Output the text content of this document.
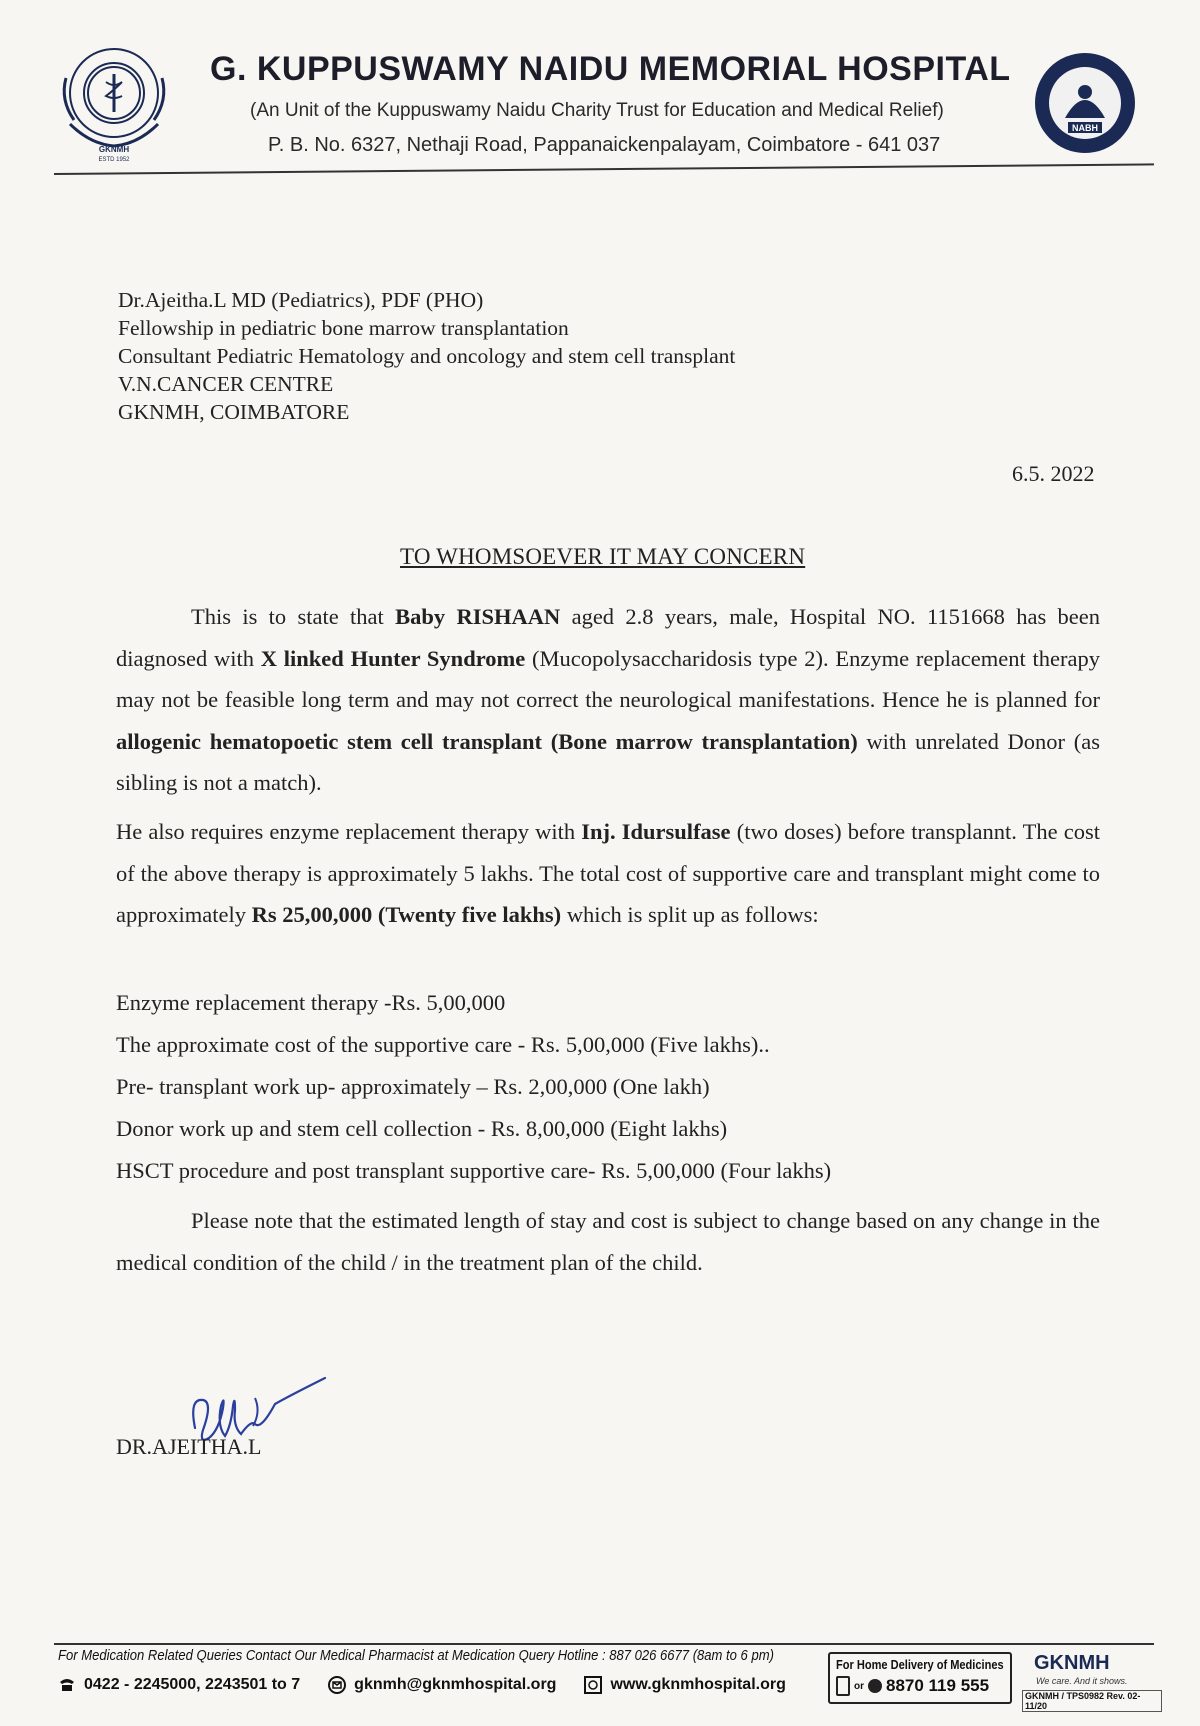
GKNMH
ESTD 1952
G. KUPPUSWAMY NAIDU MEMORIAL HOSPITAL
(An Unit of the Kuppuswamy Naidu Charity Trust for Education and Medical Relief)
P. B. No. 6327, Nethaji Road, Pappanaickenpalayam, Coimbatore - 641 037
NABH
Dr.Ajeitha.L MD (Pediatrics), PDF (PHO)
Fellowship in pediatric bone marrow transplantation
Consultant Pediatric Hematology and oncology and stem cell transplant
V.N.CANCER CENTRE
GKNMH, COIMBATORE
6.5. 2022
TO WHOMSOEVER IT MAY CONCERN
This is to state that Baby RISHAAN aged 2.8 years, male, Hospital NO. 1151668 has been diagnosed with X linked Hunter Syndrome (Mucopolysaccharidosis type 2). Enzyme replacement therapy may not be feasible long term and may not correct the neurological manifestations. Hence he is planned for allogenic hematopoetic stem cell transplant (Bone marrow transplantation) with unrelated Donor (as sibling is not a match).
He also requires enzyme replacement therapy with Inj. Idursulfase (two doses) before transplannt. The cost of the above therapy is approximately 5 lakhs. The total cost of supportive care and transplant might come to approximately Rs 25,00,000 (Twenty five lakhs) which is split up as follows:
Enzyme replacement therapy -Rs. 5,00,000
The approximate cost of the supportive care - Rs. 5,00,000 (Five lakhs)..
Pre- transplant work up- approximately – Rs. 2,00,000 (One lakh)
Donor work up and stem cell collection - Rs. 8,00,000 (Eight lakhs)
HSCT procedure and post transplant supportive care- Rs. 5,00,000 (Four lakhs)
Please note that the estimated length of stay and cost is subject to change based on any change in the medical condition of the child / in the treatment plan of the child.
DR.AJEITHA.L
For Medication Related Queries Contact Our Medical Pharmacist at Medication Query Hotline : 887 026 6677 (8am to 6 pm)
0422 - 2245000, 2243501 to 7	gknmh@gknmhospital.org	www.gknmhospital.org
For Home Delivery of Medicines
or 8870 119 555
GKNMH
We care. And it shows.
GKNMH / TPS0982 Rev. 02-11/20
